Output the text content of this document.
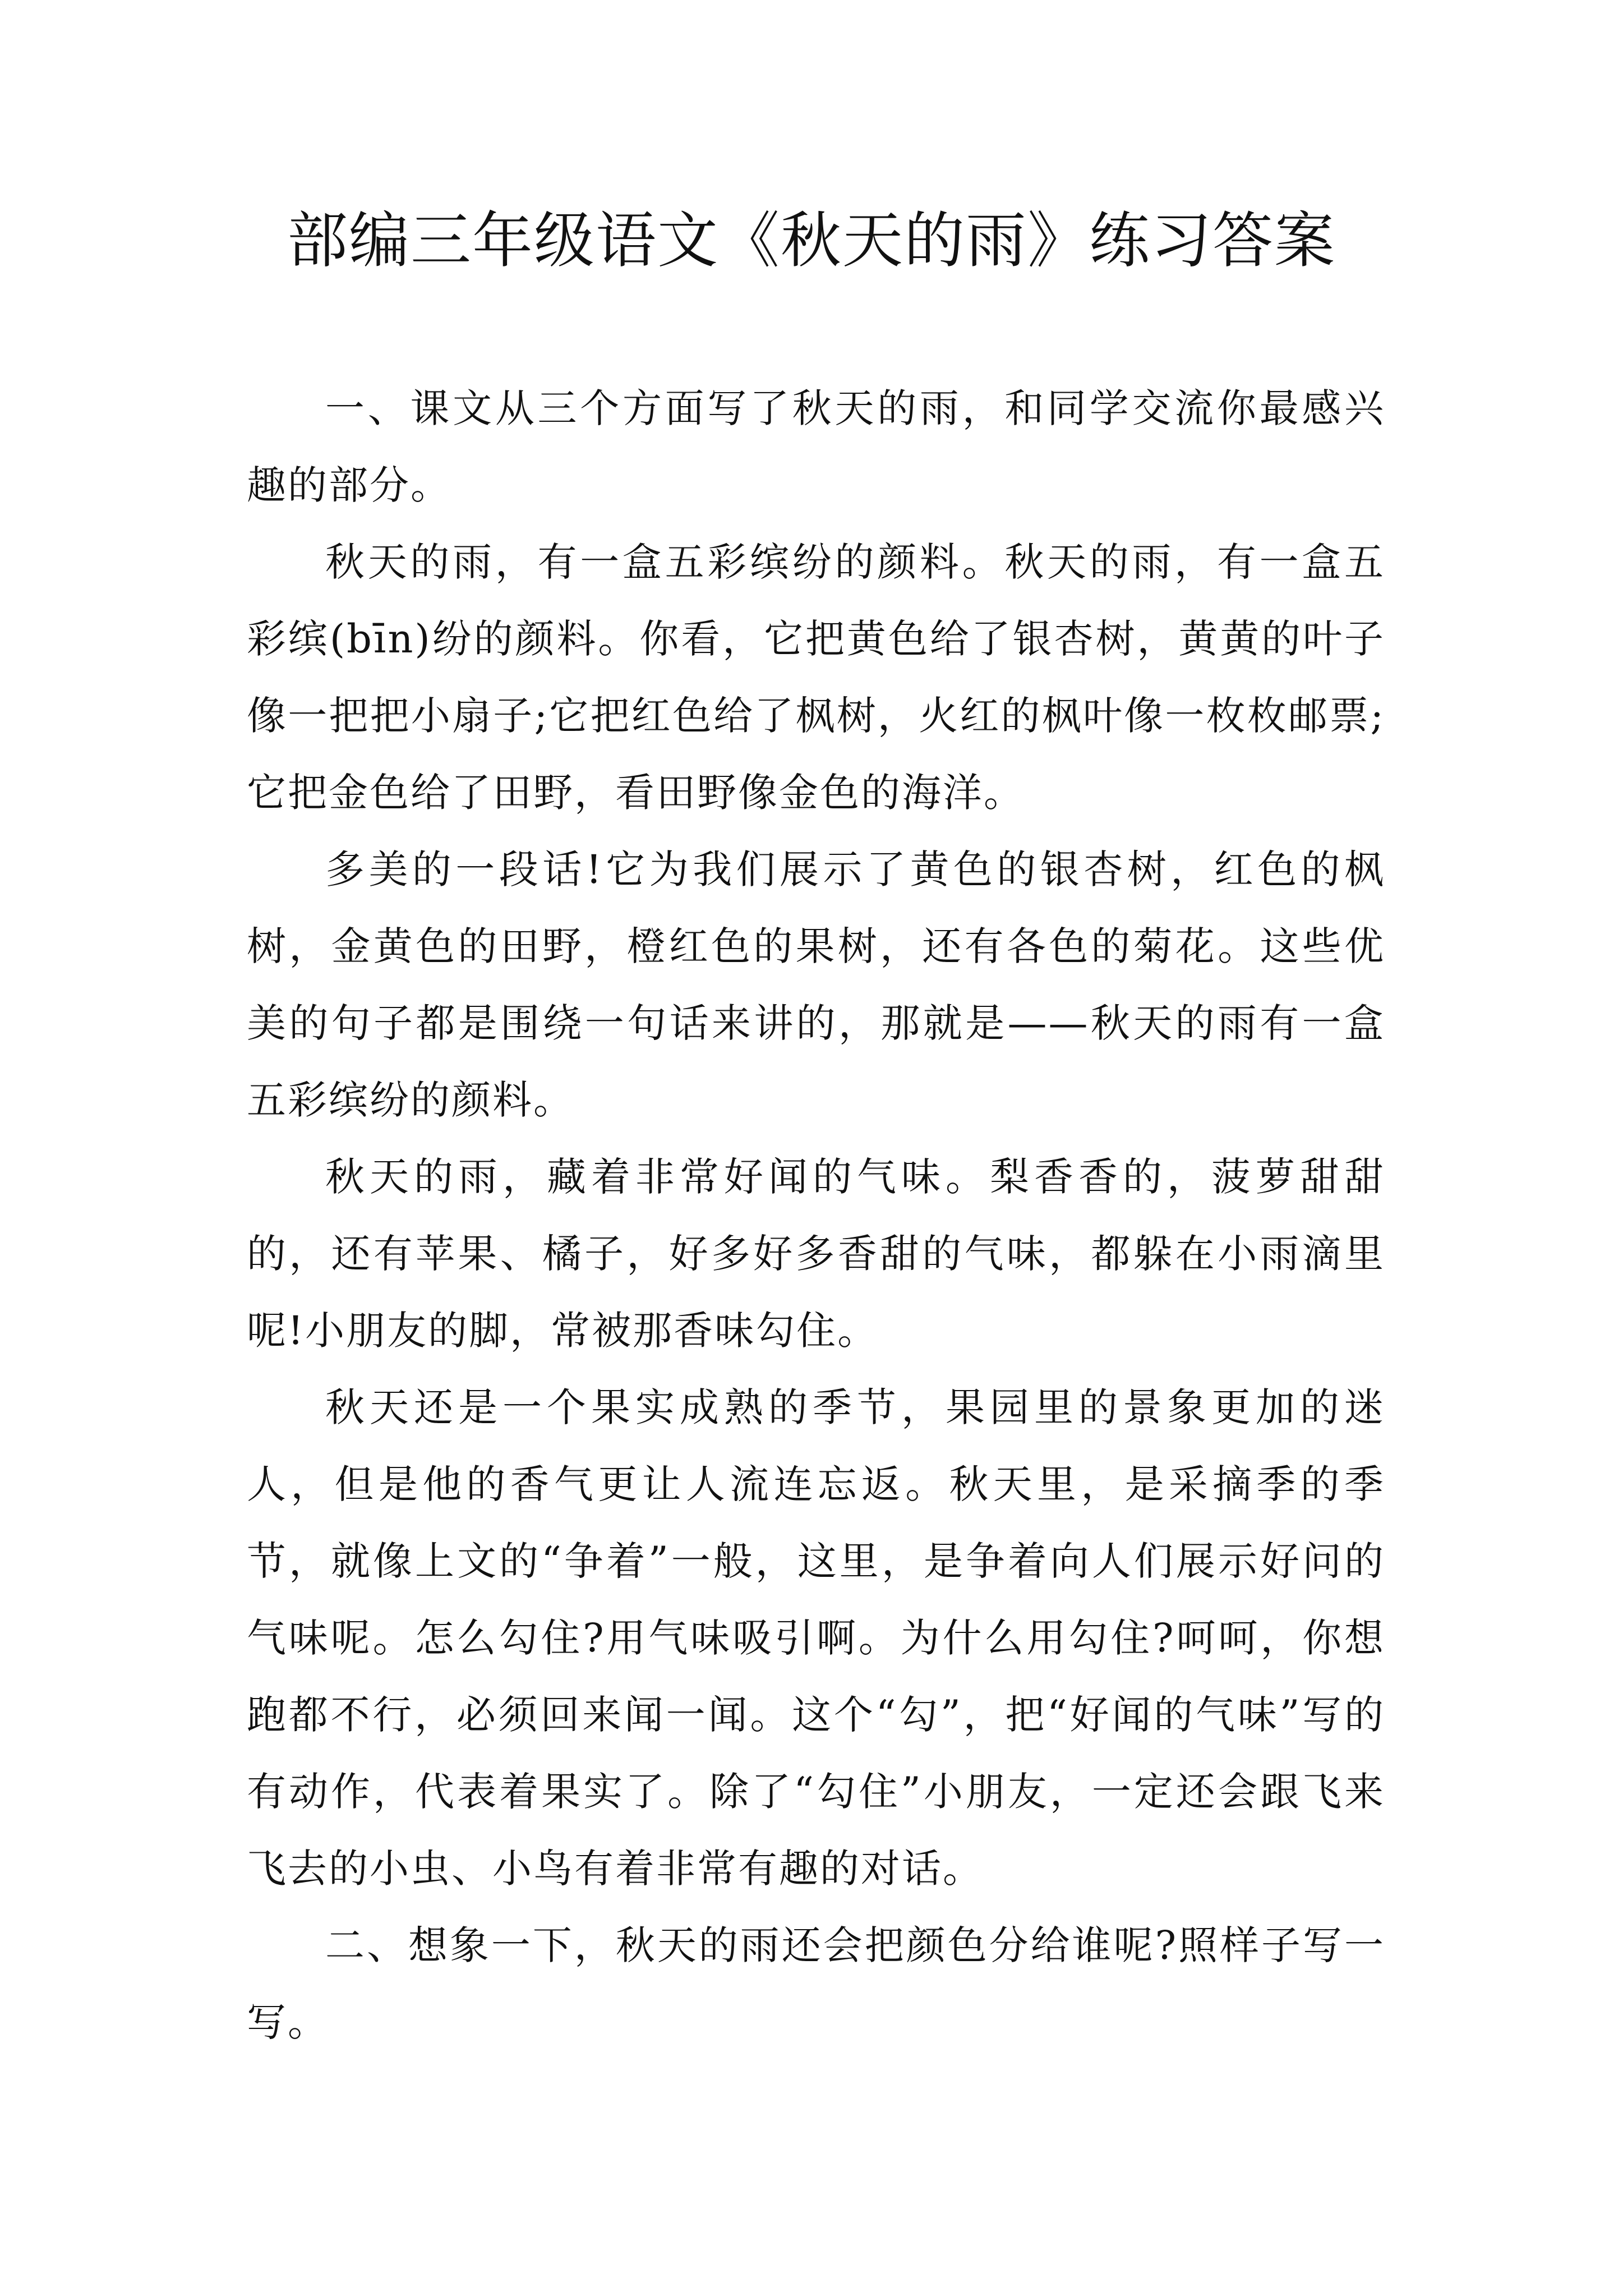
部编三年级语文《秋天的雨》练习答案

一、课文从三个方面写了秋天的雨，和同学交流你最感兴趣的部分。

秋天的雨，有一盒五彩缤纷的颜料。秋天的雨，有一盒五彩缤(bīn)纷的颜料。你看，它把黄色给了银杏树，黄黄的叶子像一把把小扇子;它把红色给了枫树，火红的枫叶像一枚枚邮票;它把金色给了田野，看田野像金色的海洋。

多美的一段话!它为我们展示了黄色的银杏树，红色的枫树，金黄色的田野，橙红色的果树，还有各色的菊花。这些优美的句子都是围绕一句话来讲的，那就是——秋天的雨有一盒五彩缤纷的颜料。

秋天的雨，藏着非常好闻的气味。梨香香的，菠萝甜甜的，还有苹果、橘子，好多好多香甜的气味，都躲在小雨滴里呢!小朋友的脚，常被那香味勾住。

秋天还是一个果实成熟的季节，果园里的景象更加的迷人，但是他的香气更让人流连忘返。秋天里，是采摘季的季节，就像上文的“争着”一般，这里，是争着向人们展示好问的气味呢。怎么勾住?用气味吸引啊。为什么用勾住?呵呵，你想跑都不行，必须回来闻一闻。这个“勾”，把“好闻的气味”写的有动作，代表着果实了。除了“勾住”小朋友，一定还会跟飞来飞去的小虫、小鸟有着非常有趣的对话。

二、想象一下，秋天的雨还会把颜色分给谁呢?照样子写一写。
